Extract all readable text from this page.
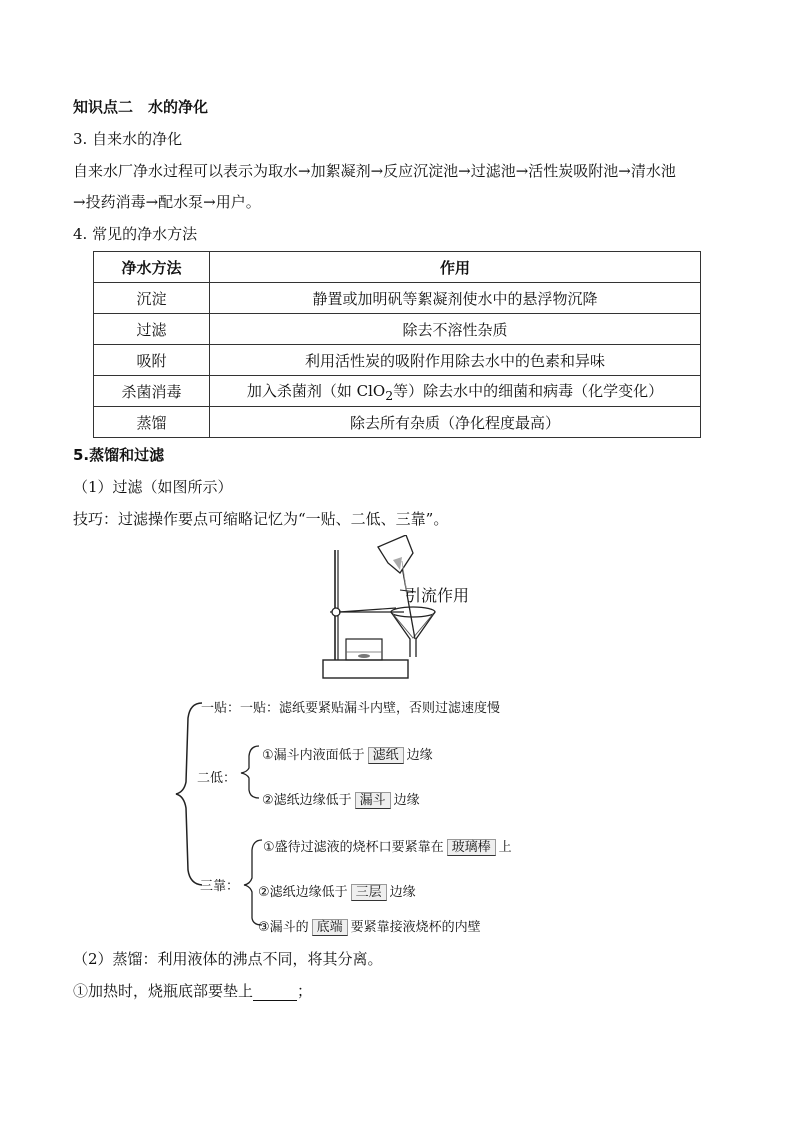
知识点二　水的净化
3. 自来水的净化
自来水厂净水过程可以表示为取水→加絮凝剂→反应沉淀池→过滤池→活性炭吸附池→清水池
→投药消毒→配水泵→用户。
4. 常见的净水方法
净水方法	作用
沉淀	静置或加明矾等絮凝剂使水中的悬浮物沉降
过滤	除去不溶性杂质
吸附	利用活性炭的吸附作用除去水中的色素和异味
杀菌消毒	加入杀菌剂（如 ClO$_2$等）除去水中的细菌和病毒（化学变化）
蒸馏	除去所有杂质（净化程度最高）
5.蒸馏和过滤
（1）过滤（如图所示）
技巧：过滤操作要点可缩略记忆为“一贴、二低、三靠”。
引流作用
一贴：一贴：滤纸要紧贴漏斗内壁，否则过滤速度慢
二低：
①漏斗内液面低于 滤纸 边缘
②滤纸边缘低于 漏斗 边缘
三靠：
①盛待过滤液的烧杯口要紧靠在 玻璃棒 上
②滤纸边缘低于 三层 边缘
③漏斗的 底端 要紧靠接液烧杯的内壁
（2）蒸馏：利用液体的沸点不同，将其分离。
①加热时，烧瓶底部要垫上	；
